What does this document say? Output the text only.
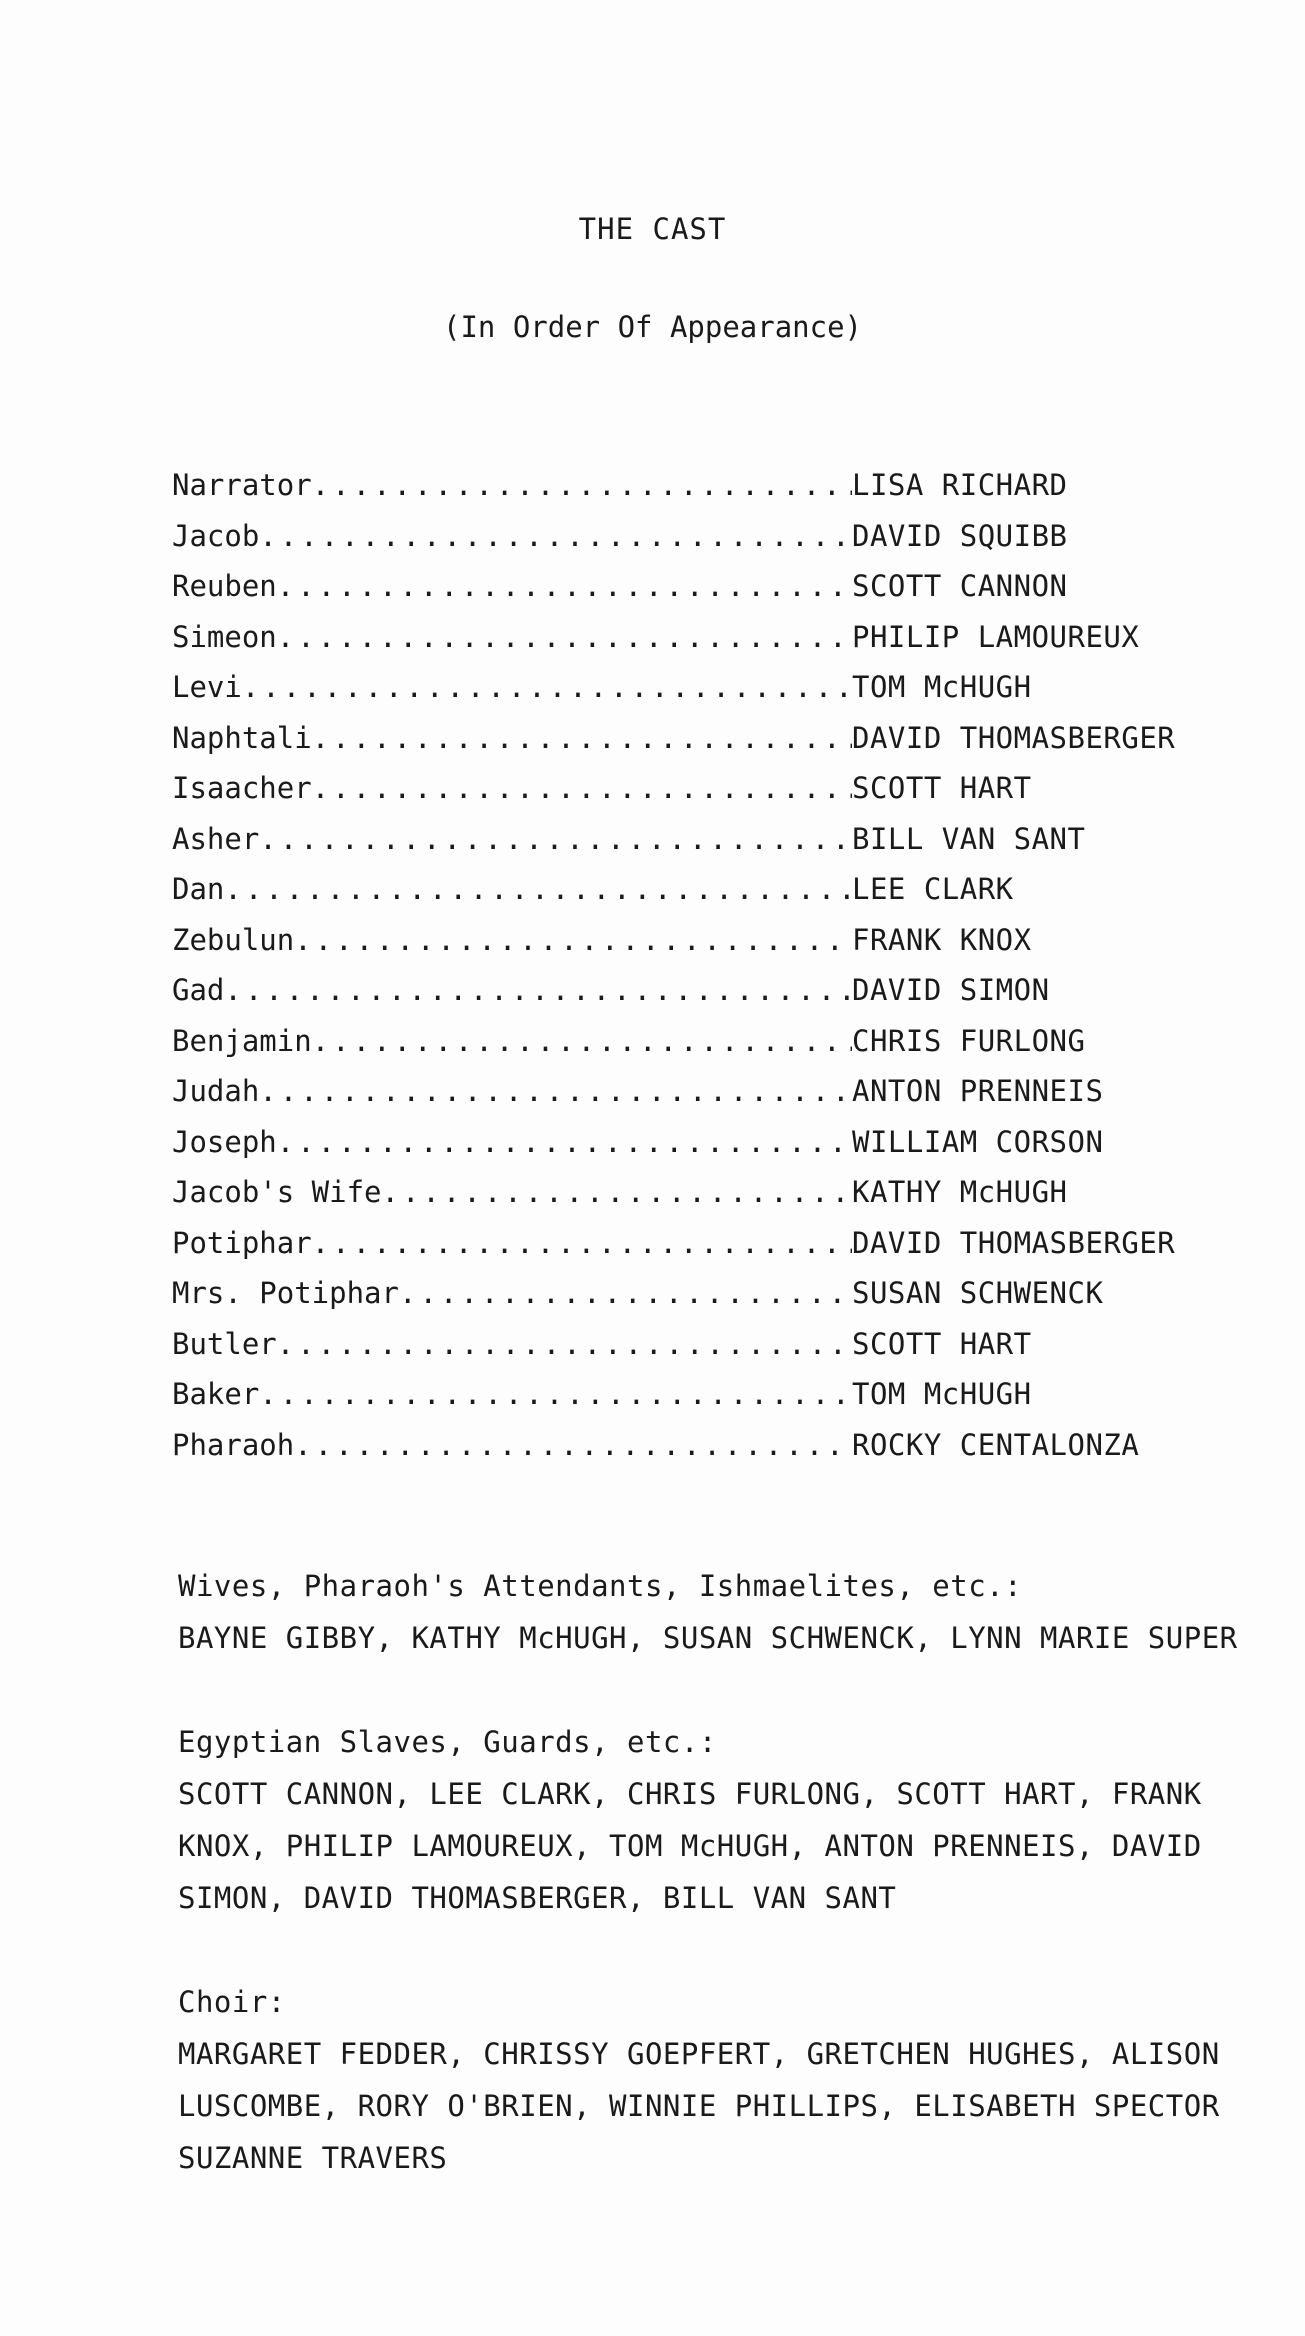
THE CAST
(In Order Of Appearance)
Narrator .....	LISA RICHARD
Jacob .....	DAVID SQUIBB
Reuben .....	SCOTT CANNON
Simeon .....	PHILIP LAMOUREUX
Levi .....	TOM McHUGH
Naphtali .....	DAVID THOMASBERGER
Isaacher .....	SCOTT HART
Asher .....	BILL VAN SANT
Dan .....	LEE CLARK
Zebulun .....	FRANK KNOX
Gad .....	DAVID SIMON
Benjamin .....	CHRIS FURLONG
Judah .....	ANTON PRENNEIS
Joseph .....	WILLIAM CORSON
Jacob's Wife .....	KATHY McHUGH
Potiphar .....	DAVID THOMASBERGER
Mrs. Potiphar .....	SUSAN SCHWENCK
Butler .....	SCOTT HART
Baker .....	TOM McHUGH
Pharaoh .....	ROCKY CENTALONZA
Wives, Pharaoh's Attendants, Ishmaelites, etc.:
BAYNE GIBBY, KATHY McHUGH, SUSAN SCHWENCK, LYNN MARIE SUPER
Egyptian Slaves, Guards, etc.:
SCOTT CANNON, LEE CLARK, CHRIS FURLONG, SCOTT HART, FRANK
KNOX, PHILIP LAMOUREUX, TOM McHUGH, ANTON PRENNEIS, DAVID
SIMON, DAVID THOMASBERGER, BILL VAN SANT
Choir:
MARGARET FEDDER, CHRISSY GOEPFERT, GRETCHEN HUGHES, ALISON
LUSCOMBE, RORY O'BRIEN, WINNIE PHILLIPS, ELISABETH SPECTOR
SUZANNE TRAVERS
